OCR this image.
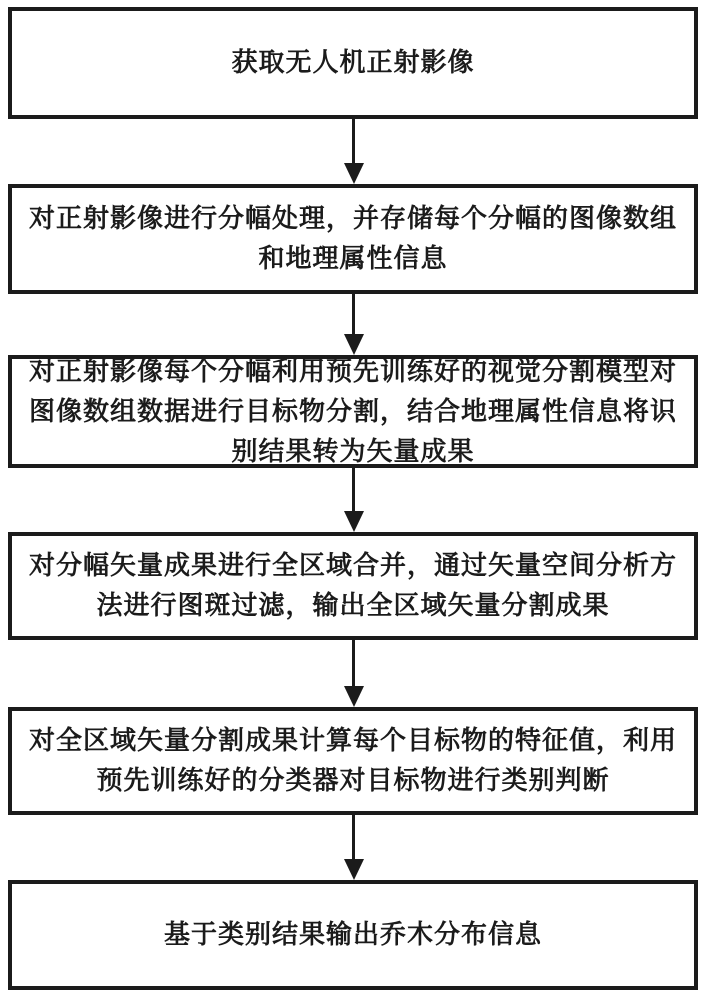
获取无人机正射影像
对正射影像进行分幅处理，并存储每个分幅的图像数组
和地理属性信息
对正射影像每个分幅利用预先训练好的视觉分割模型对
图像数组数据进行目标物分割，结合地理属性信息将识
别结果转为矢量成果
对分幅矢量成果进行全区域合并，通过矢量空间分析方
法进行图斑过滤，输出全区域矢量分割成果
对全区域矢量分割成果计算每个目标物的特征值，利用
预先训练好的分类器对目标物进行类别判断
基于类别结果输出乔木分布信息
